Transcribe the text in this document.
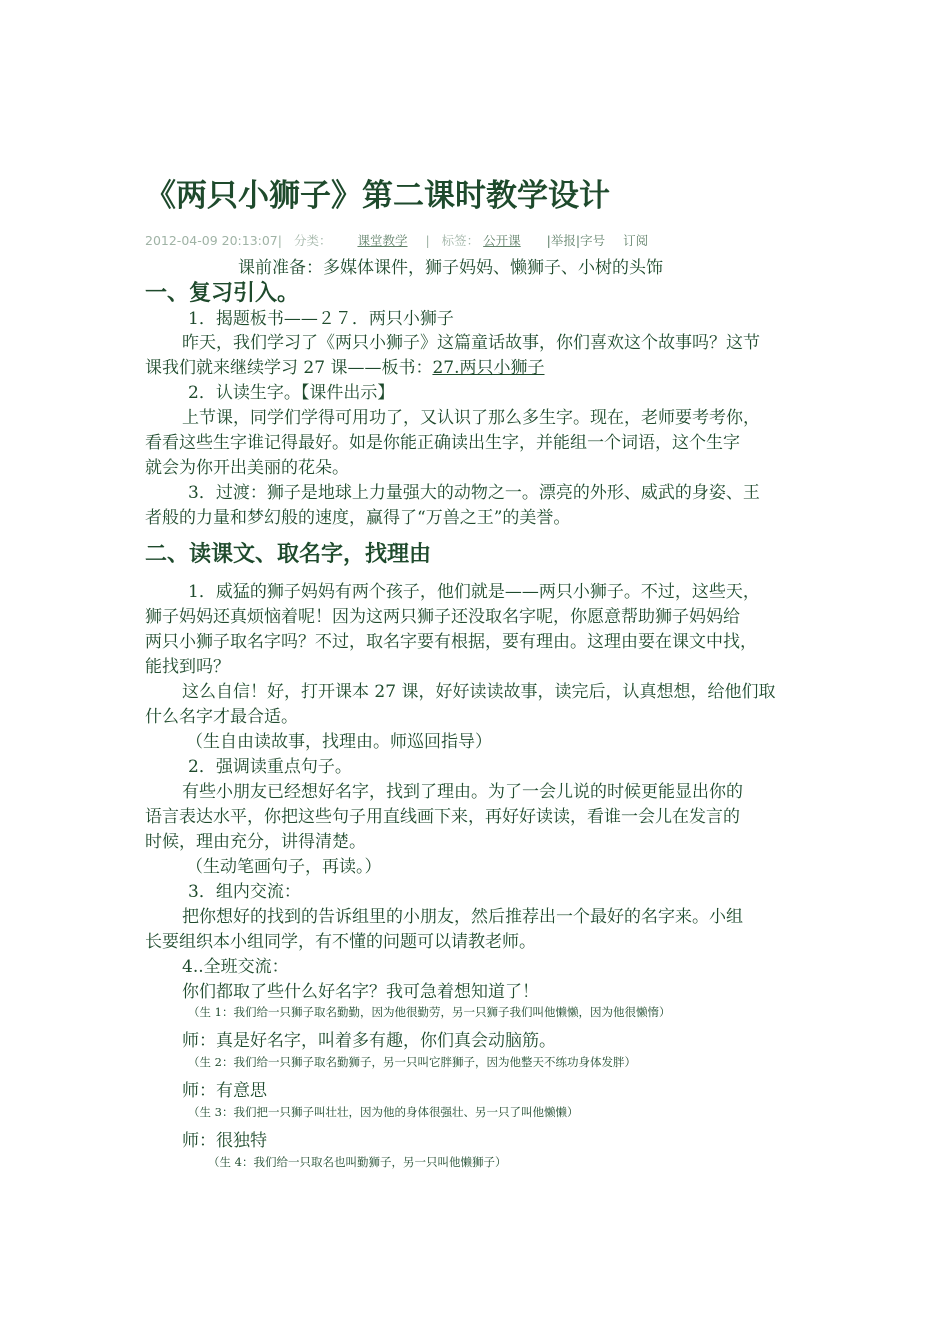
《两只小狮子》第二课时教学设计
2012-04-09 20:13:07| 分类： 课堂教学 | 标签： 公开课 |举报|字号 订阅
课前准备：多媒体课件，狮子妈妈、懒狮子、小树的头饰
一、复习引入。
1．揭题板书——２７．两只小狮子
昨天，我们学习了《两只小狮子》这篇童话故事，你们喜欢这个故事吗？这节
课我们就来继续学习 27 课——板书：27.两只小狮子
2．认读生字。【课件出示】
上节课，同学们学得可用功了，又认识了那么多生字。现在，老师要考考你，
看看这些生字谁记得最好。如是你能正确读出生字，并能组一个词语，这个生字
就会为你开出美丽的花朵。
3．过渡：狮子是地球上力量强大的动物之一。漂亮的外形、威武的身姿、王
者般的力量和梦幻般的速度，赢得了“万兽之王”的美誉。
二、读课文、取名字，找理由
1．威猛的狮子妈妈有两个孩子，他们就是——两只小狮子。不过，这些天，
狮子妈妈还真烦恼着呢！因为这两只狮子还没取名字呢，你愿意帮助狮子妈妈给
两只小狮子取名字吗？不过，取名字要有根据，要有理由。这理由要在课文中找，
能找到吗？
这么自信！好，打开课本 27 课，好好读读故事，读完后，认真想想，给他们取
什么名字才最合适。
（生自由读故事，找理由。师巡回指导）
2．强调读重点句子。
有些小朋友已经想好名字，找到了理由。为了一会儿说的时候更能显出你的
语言表达水平，你把这些句子用直线画下来，再好好读读，看谁一会儿在发言的
时候，理由充分，讲得清楚。
（生动笔画句子，再读。）
3．组内交流：
把你想好的找到的告诉组里的小朋友，然后推荐出一个最好的名字来。小组
长要组织本小组同学，有不懂的问题可以请教老师。
4..全班交流：
你们都取了些什么好名字？我可急着想知道了！
（生 1：我们给一只狮子取名勤勤，因为他很勤劳，另一只狮子我们叫他懒懒，因为他很懒惰）
师：真是好名字，叫着多有趣，你们真会动脑筋。
（生 2：我们给一只狮子取名勤狮子，另一只叫它胖狮子，因为他整天不练功身体发胖）
师：有意思
（生 3：我们把一只狮子叫壮壮，因为他的身体很强壮、另一只了叫他懒懒）
师：很独特
（生 4：我们给一只取名也叫勤狮子，另一只叫他懒狮子）
